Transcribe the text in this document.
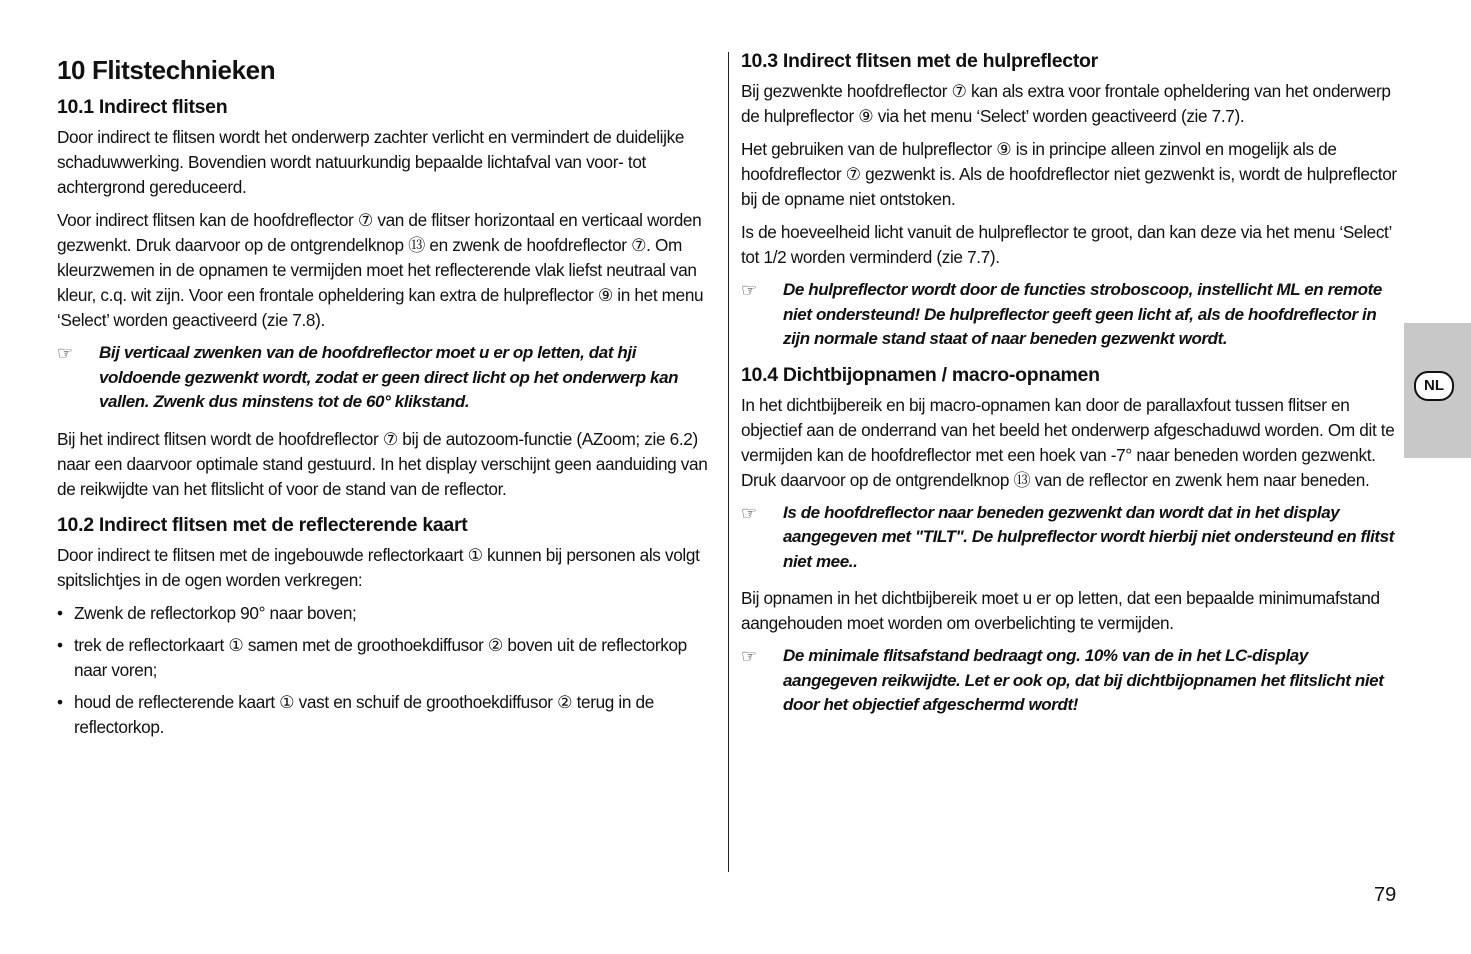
10 Flitstechnieken
10.1 Indirect flitsen

Door indirect te flitsen wordt het onderwerp zachter verlicht en vermindert de duidelijke schaduwwerking. Bovendien wordt natuurkundig bepaalde lichtafval van voor- tot achtergrond gereduceerd.

Voor indirect flitsen kan de hoofdreflector ⑦ van de flitser horizontaal en verticaal worden gezwenkt. Druk daarvoor op de ontgrendelknop ⑬ en zwenk de hoofdreflector ⑦. Om kleurzwemen in de opnamen te vermijden moet het reflecterende vlak liefst neutraal van kleur, c.q. wit zijn. Voor een frontale opheldering kan extra de hulpreflector ⑨ in het menu ‘Select’ worden geactiveerd (zie 7.8).

☞	Bij verticaal zwenken van de hoofdreflector moet u er op letten, dat hji voldoende gezwenkt wordt, zodat er geen direct licht op het onderwerp kan vallen. Zwenk dus minstens tot de 60° klikstand.

Bij het indirect flitsen wordt de hoofdreflector ⑦ bij de autozoom-functie (AZoom; zie 6.2) naar een daarvoor optimale stand gestuurd. In het display verschijnt geen aanduiding van de reikwijdte van het flitslicht of voor de stand van de reflector.

10.2 Indirect flitsen met de reflecterende kaart

Door indirect te flitsen met de ingebouwde reflectorkaart ① kunnen bij personen als volgt spitslichtjes in de ogen worden verkregen:

• Zwenk de reflectorkop 90° naar boven;
• trek de reflectorkaart ① samen met de groothoekdiffusor ② boven uit de reflectorkop naar voren;
• houd de reflecterende kaart ① vast en schuif de groothoekdiffusor ② terug in de reflectorkop.
10.3 Indirect flitsen met de hulpreflector

Bij gezwenkte hoofdreflector ⑦ kan als extra voor frontale opheldering van het onderwerp de hulpreflector ⑨ via het menu ‘Select’ worden geactiveerd (zie 7.7).

Het gebruiken van de hulpreflector ⑨ is in principe alleen zinvol en mogelijk als de hoofdreflector ⑦ gezwenkt is. Als de hoofdreflector niet gezwenkt is, wordt de hulpreflector bij de opname niet ontstoken.

Is de hoeveelheid licht vanuit de hulpreflector te groot, dan kan deze via het menu ‘Select’ tot 1/2 worden verminderd (zie 7.7).

☞	De hulpreflector wordt door de functies stroboscoop, instellicht ML en remote niet ondersteund! De hulpreflector geeft geen licht af, als de hoofdreflector in zijn normale stand staat of naar beneden gezwenkt wordt.
10.4 Dichtbijopnamen / macro-opnamen

In het dichtbijbereik en bij macro-opnamen kan door de parallaxfout tussen flitser en objectief aan de onderrand van het beeld het onderwerp afgeschaduwd worden. Om dit te vermijden kan de hoofdreflector met een hoek van -7° naar beneden worden gezwenkt. Druk daarvoor op de ontgrendelknop ⑬ van de reflector en zwenk hem naar beneden.

☞	Is de hoofdreflector naar beneden gezwenkt dan wordt dat in het display aangegeven met "TILT". De hulpreflector wordt hierbij niet ondersteund en flitst niet mee..

Bij opnamen in het dichtbijbereik moet u er op letten, dat een bepaalde minimumafstand aangehouden moet worden om overbelichting te vermijden.

☞	De minimale flitsafstand bedraagt ong. 10% van de in het LC-display aangegeven reikwijdte. Let er ook op, dat bij dichtbijopnamen het flitslicht niet door het objectief afgeschermd wordt!
NL
79
